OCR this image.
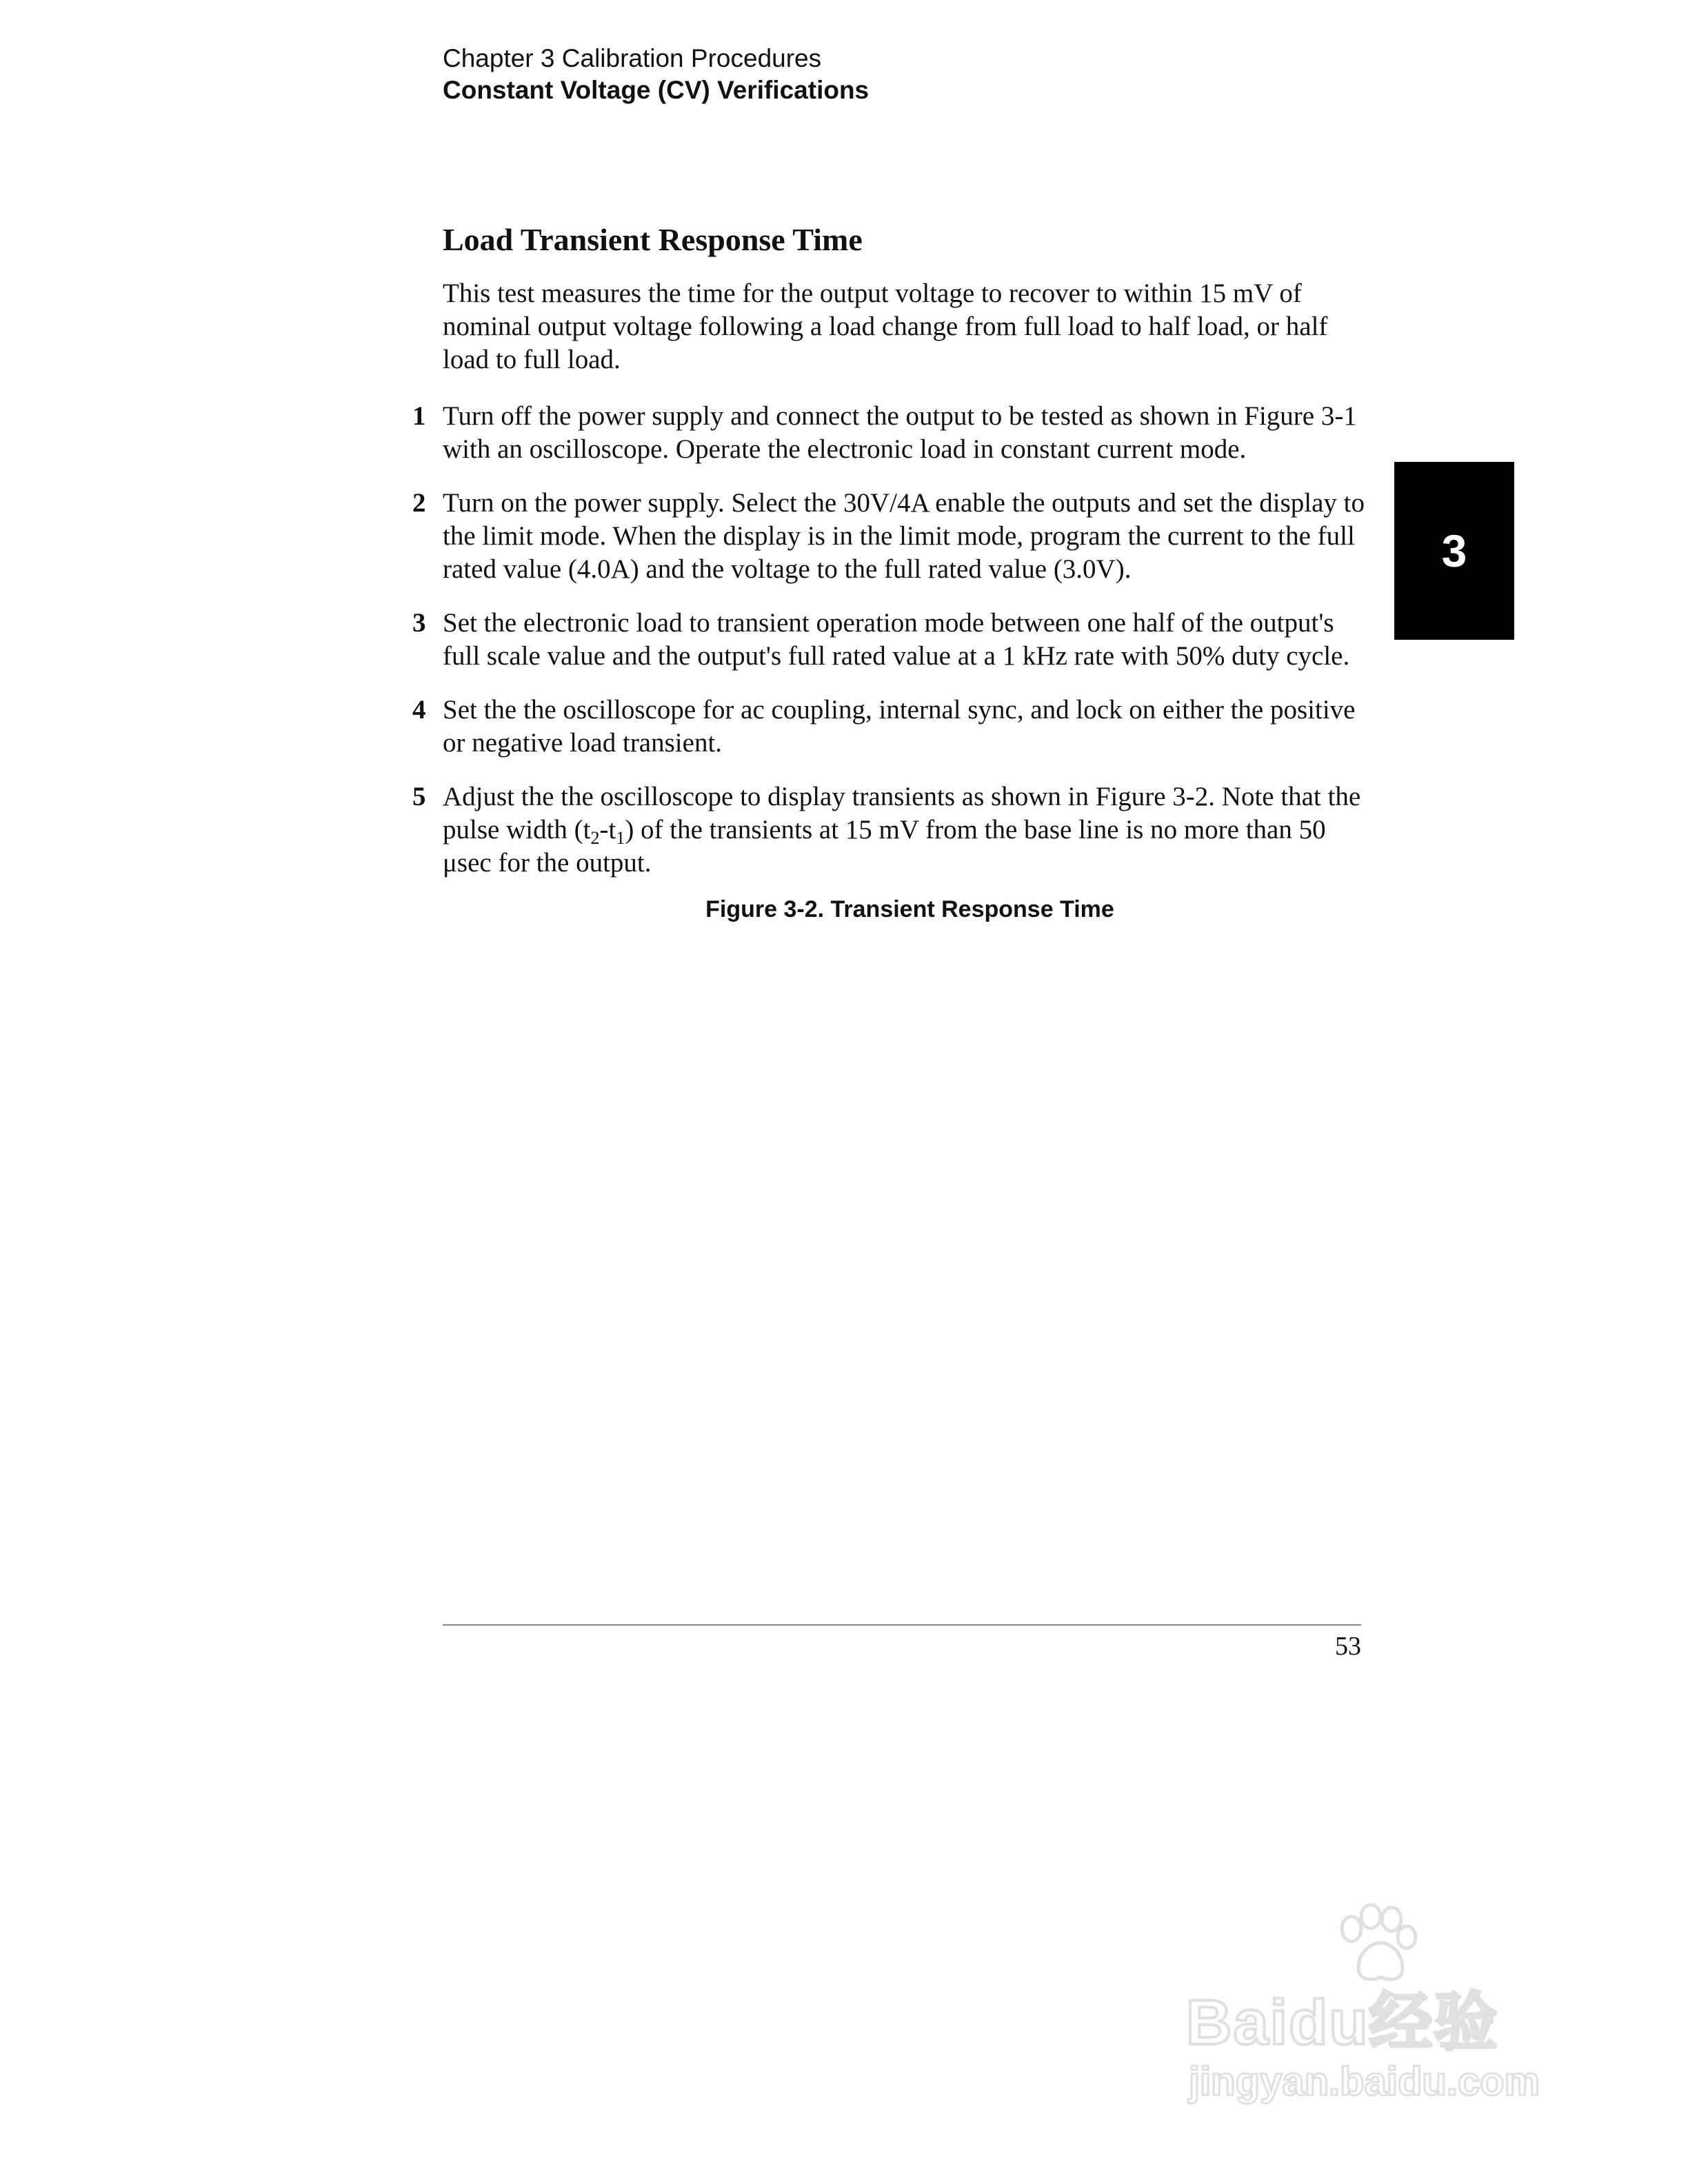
Chapter 3 Calibration Procedures
Constant Voltage (CV) Verifications
3
Load Transient Response Time

This test measures the time for the output voltage to recover to within 15 mV of nominal output voltage following a load change from full load to half load, or half load to full load.

1 Turn off the power supply and connect the output to be tested as shown in Figure 3-1 with an oscilloscope. Operate the electronic load in constant current mode.
2 Turn on the power supply. Select the 30V/4A enable the outputs and set the display to the limit mode. When the display is in the limit mode, program the current to the full rated value (4.0A) and the voltage to the full rated value (3.0V).
3 Set the electronic load to transient operation mode between one half of the output's full scale value and the output's full rated value at a 1 kHz rate with 50% duty cycle.
4 Set the the oscilloscope for ac coupling, internal sync, and lock on either the positive or negative load transient.
5 Adjust the the oscilloscope to display transients as shown in Figure 3-2. Note that the pulse width $(t_2-t_1)$ of the transients at 15 mV from the base line is no more than 50 μsec for the output.
Figure 3-2. Transient Response Time
53
Baidu经验
jingyan.baidu.com
